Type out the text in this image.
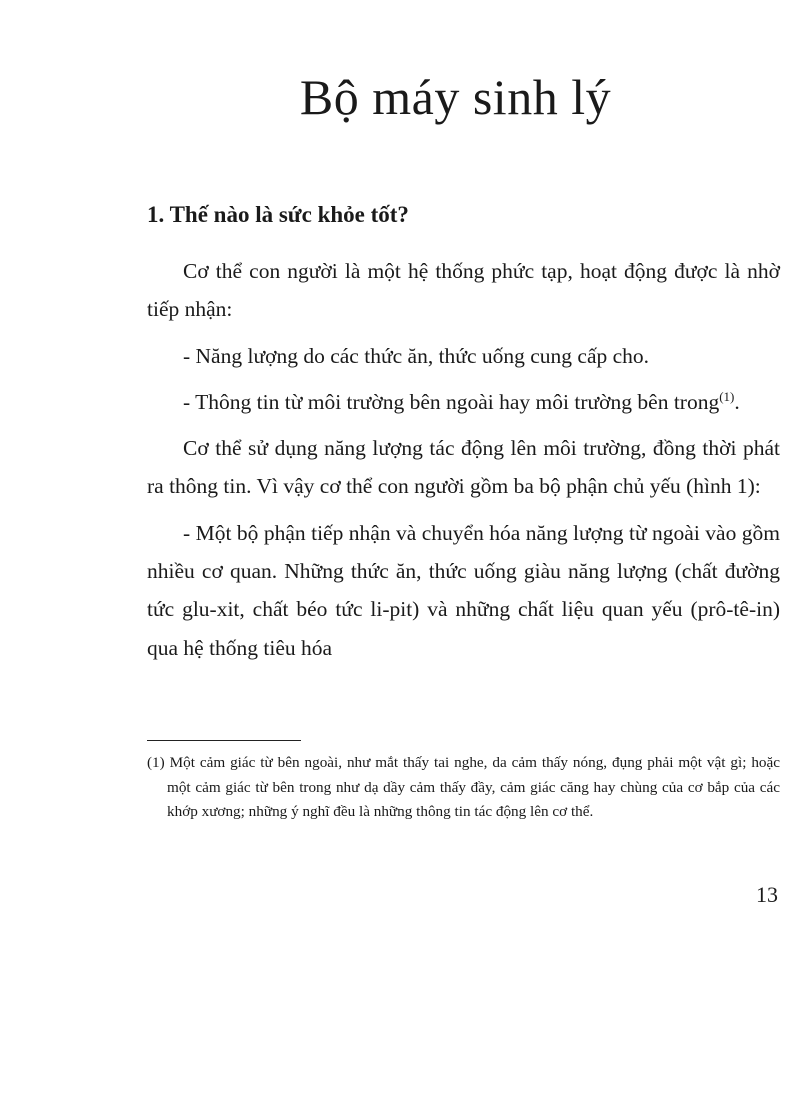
Bộ máy sinh lý
1. Thế nào là sức khỏe tốt?

Cơ thể con người là một hệ thống phức tạp, hoạt động được là nhờ tiếp nhận:

- Năng lượng do các thức ăn, thức uống cung cấp cho.

- Thông tin từ môi trường bên ngoài hay môi trường bên trong$^{(1)}$.

Cơ thể sử dụng năng lượng tác động lên môi trường, đồng thời phát ra thông tin. Vì vậy cơ thể con người gồm ba bộ phận chủ yếu (hình 1):

- Một bộ phận tiếp nhận và chuyển hóa năng lượng từ ngoài vào gồm nhiều cơ quan. Những thức ăn, thức uống giàu năng lượng (chất đường tức glu-xit, chất béo tức li-pit) và những chất liệu quan yếu (prô-tê-in) qua hệ thống tiêu hóa

(1) Một cảm giác từ bên ngoài, như mắt thấy tai nghe, da cảm thấy nóng, đụng phải một vật gì; hoặc một cảm giác từ bên trong như dạ dầy cảm thấy đầy, cảm giác căng hay chùng của cơ bắp của các khớp xương; những ý nghĩ đều là những thông tin tác động lên cơ thể.
13
